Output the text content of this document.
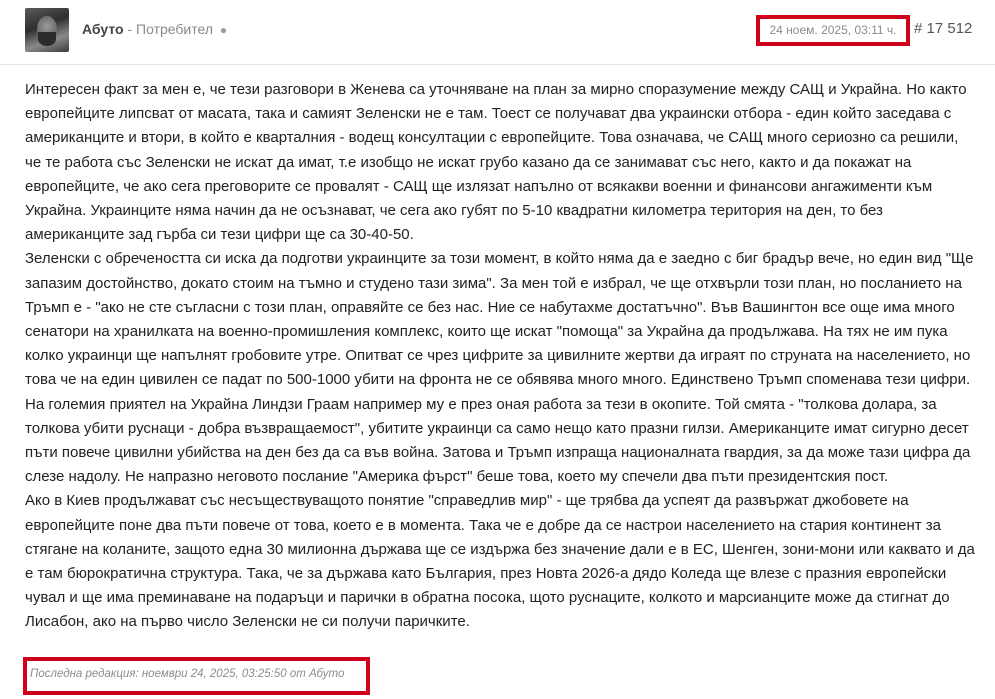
Абуто - Потребител ●	24 ноем. 2025, 03:11 ч.	# 17 512

Интересен факт за мен е, че тези разговори в Женева са уточняване на план за мирно споразумение между САЩ и Украйна. Но както европейците липсват от масата, така и самият Зеленски не е там. Тоест се получават два украински отбора - един който заседава с американците и втори, в който е кварталния - водещ консултации с европейците. Това означава, че САЩ много сериозно са решили, че те работа със Зеленски не искат да имат, т.е изобщо не искат грубо казано да се занимават със него, както и да покажат на европейците, че ако сега преговорите се провалят - САЩ ще излязат напълно от всякакви военни и финансови ангажименти към Украйна. Украинците няма начин да не осъзнават, че сега ако губят по 5-10 квадратни километра територия на ден, то без американците зад гърба си тези цифри ще са 30-40-50.

Зеленски с обречеността си иска да подготви украинците за този момент, в който няма да е заедно с биг брадър вече, но един вид "Ще запазим достойнство, докато стоим на тъмно и студено тази зима". За мен той е избрал, че ще отхвърли този план, но посланието на Тръмп е - "ако не сте съгласни с този план, оправяйте се без нас. Ние се набутахме достатъчно". Във Вашингтон все още има много сенатори на хранилката на военно-промишления комплекс, които ще искат "помоща" за Украйна да продължава. На тях не им пука колко украинци ще напълнят гробовите утре. Опитват се чрез цифрите за цивилните жертви да играят по струната на населението, но това че на един цивилен се падат по 500-1000 убити на фронта не се обявява много много. Единствено Тръмп споменава тези цифри. На големия приятел на Украйна Линдзи Граам например му е през оная работа за тези в окопите. Той смята - "толкова долара, за толкова убити руснаци - добра възвращаемост", убитите украинци са само нещо като празни гилзи. Американците имат сигурно десет пъти повече цивилни убийства на ден без да са във война. Затова и Тръмп изпраща националната гвардия, за да може тази цифра да слезе надолу. Не напразно неговото послание "Америка фърст" беше това, което му спечели два пъти президентския пост.

Ако в Киев продължават със несъществуващото понятие "справедлив мир" - ще трябва да успеят да развържат джобовете на европейците поне два пъти повече от това, което е в момента. Така че е добре да се настрои населението на стария континент за стягане на коланите, защото една 30 милионна държава ще се издържа без значение дали е в ЕС, Шенген, зони-мони или каквато и да е там бюрократична структура. Така, че за държава като България, през Новта 2026-а дядо Коледа ще влезе с празния европейски чувал и ще има преминаване на подаръци и парички в обратна посока, щото руснаците, колкото и марсианците може да стигнат до Лисабон, ако на първо число Зеленски не си получи паричките.

Последна редакция: ноември 24, 2025, 03:25:50 от Абуто
